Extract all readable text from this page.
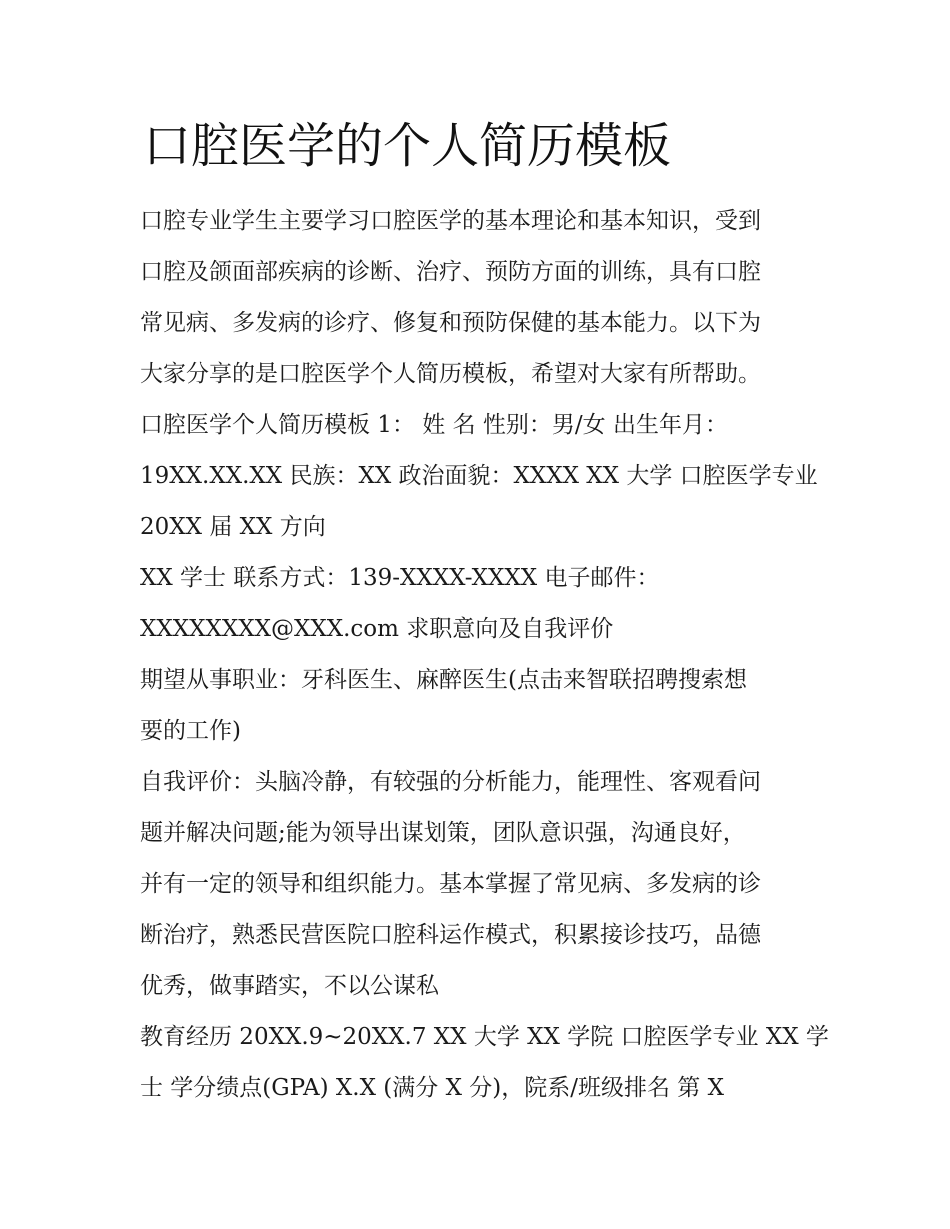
口腔医学的个人简历模板
口腔专业学生主要学习口腔医学的基本理论和基本知识，受到
口腔及颌面部疾病的诊断、治疗、预防方面的训练，具有口腔
常见病、多发病的诊疗、修复和预防保健的基本能力。以下为
大家分享的是口腔医学个人简历模板，希望对大家有所帮助。
口腔医学个人简历模板 1： 姓 名 性别：男/女 出生年月：
19XX.XX.XX 民族：XX 政治面貌：XXXX XX 大学 口腔医学专业
20XX 届 XX 方向
XX 学士 联系方式：139-XXXX-XXXX 电子邮件：
XXXXXXXX@XXX.com 求职意向及自我评价
期望从事职业：牙科医生、麻醉医生(点击来智联招聘搜索想
要的工作)
自我评价：头脑冷静，有较强的分析能力，能理性、客观看问
题并解决问题;能为领导出谋划策，团队意识强，沟通良好，
并有一定的领导和组织能力。基本掌握了常见病、多发病的诊
断治疗，熟悉民营医院口腔科运作模式，积累接诊技巧，品德
优秀，做事踏实，不以公谋私
教育经历 20XX.9~20XX.7 XX 大学 XX 学院 口腔医学专业 XX 学
士 学分绩点(GPA) X.X (满分 X 分)，院系/班级排名 第 X
